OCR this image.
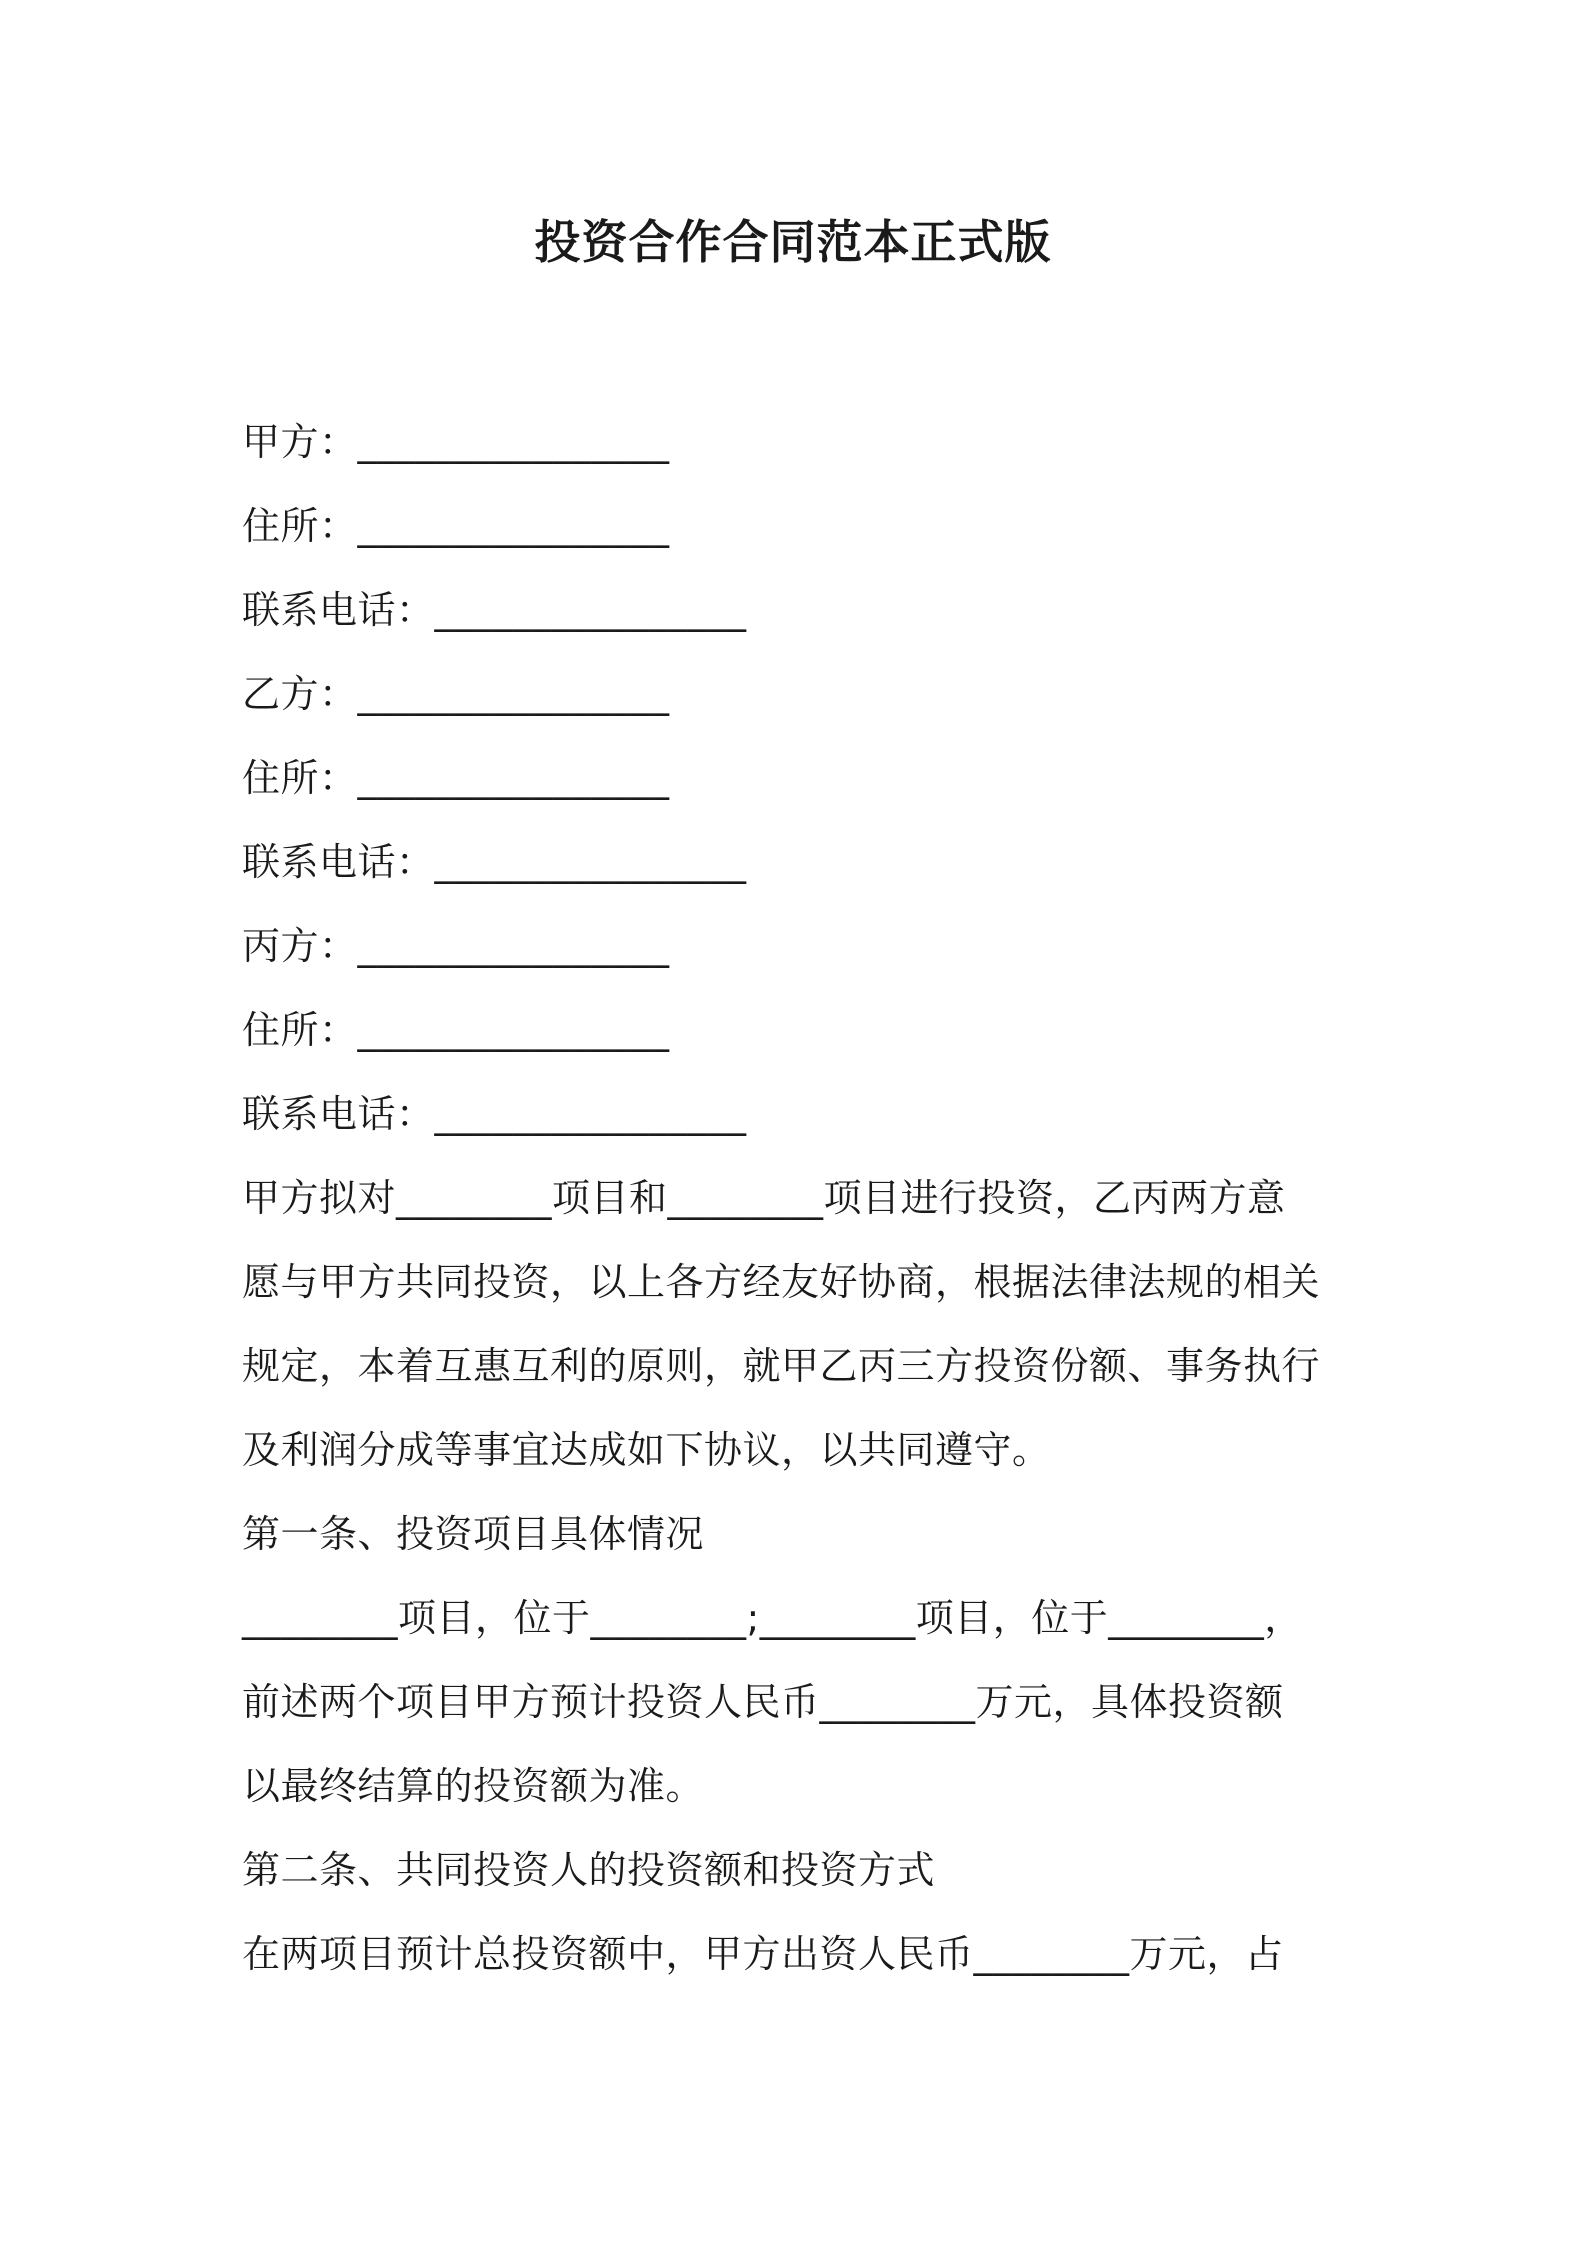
投资合作合同范本正式版
甲方：________________
住所：________________
联系电话：________________
乙方：________________
住所：________________
联系电话：________________
丙方：________________
住所：________________
联系电话：________________
甲方拟对________项目和________项目进行投资，乙丙两方意
愿与甲方共同投资，以上各方经友好协商，根据法律法规的相关
规定，本着互惠互利的原则，就甲乙丙三方投资份额、事务执行
及利润分成等事宜达成如下协议，以共同遵守。
第一条、投资项目具体情况
________项目，位于________;________项目，位于________，
前述两个项目甲方预计投资人民币________万元，具体投资额
以最终结算的投资额为准。
第二条、共同投资人的投资额和投资方式
在两项目预计总投资额中，甲方出资人民币________万元，占
